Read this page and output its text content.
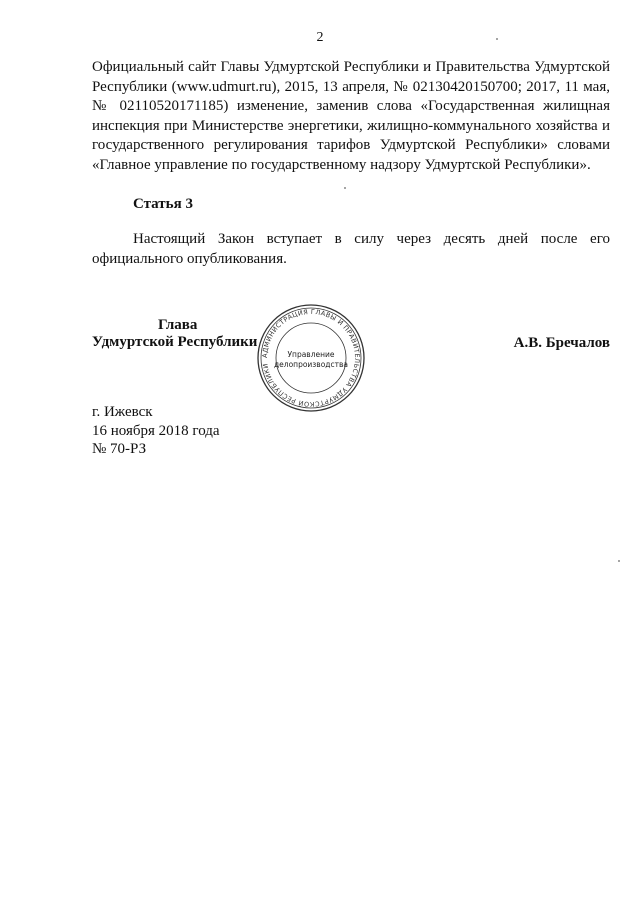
2
Официальный сайт Главы Удмуртской Республики и Правительства Удмуртской Республики (www.udmurt.ru), 2015, 13 апреля, № 02130420150700; 2017, 11 мая, № 02110520171185) изменение, заменив слова «Государственная жилищная инспекция при Министерстве энергетики, жилищно-коммунального хозяйства и государственного регулирования тарифов Удмуртской Республики» словами «Главное управление по государственному надзору Удмуртской Республики».
Статья 3
Настоящий Закон вступает в силу через десять дней после его официального опубликования.
Глава
Удмуртской Республики
АДМИНИСТРАЦИЯ ГЛАВЫ И ПРАВИТЕЛЬСТВА УДМУРТСКОЙ РЕСПУБЛИКИ
Управление
делопроизводства
А.В. Бречалов
г. Ижевск
16 ноября 2018 года
№ 70-РЗ
